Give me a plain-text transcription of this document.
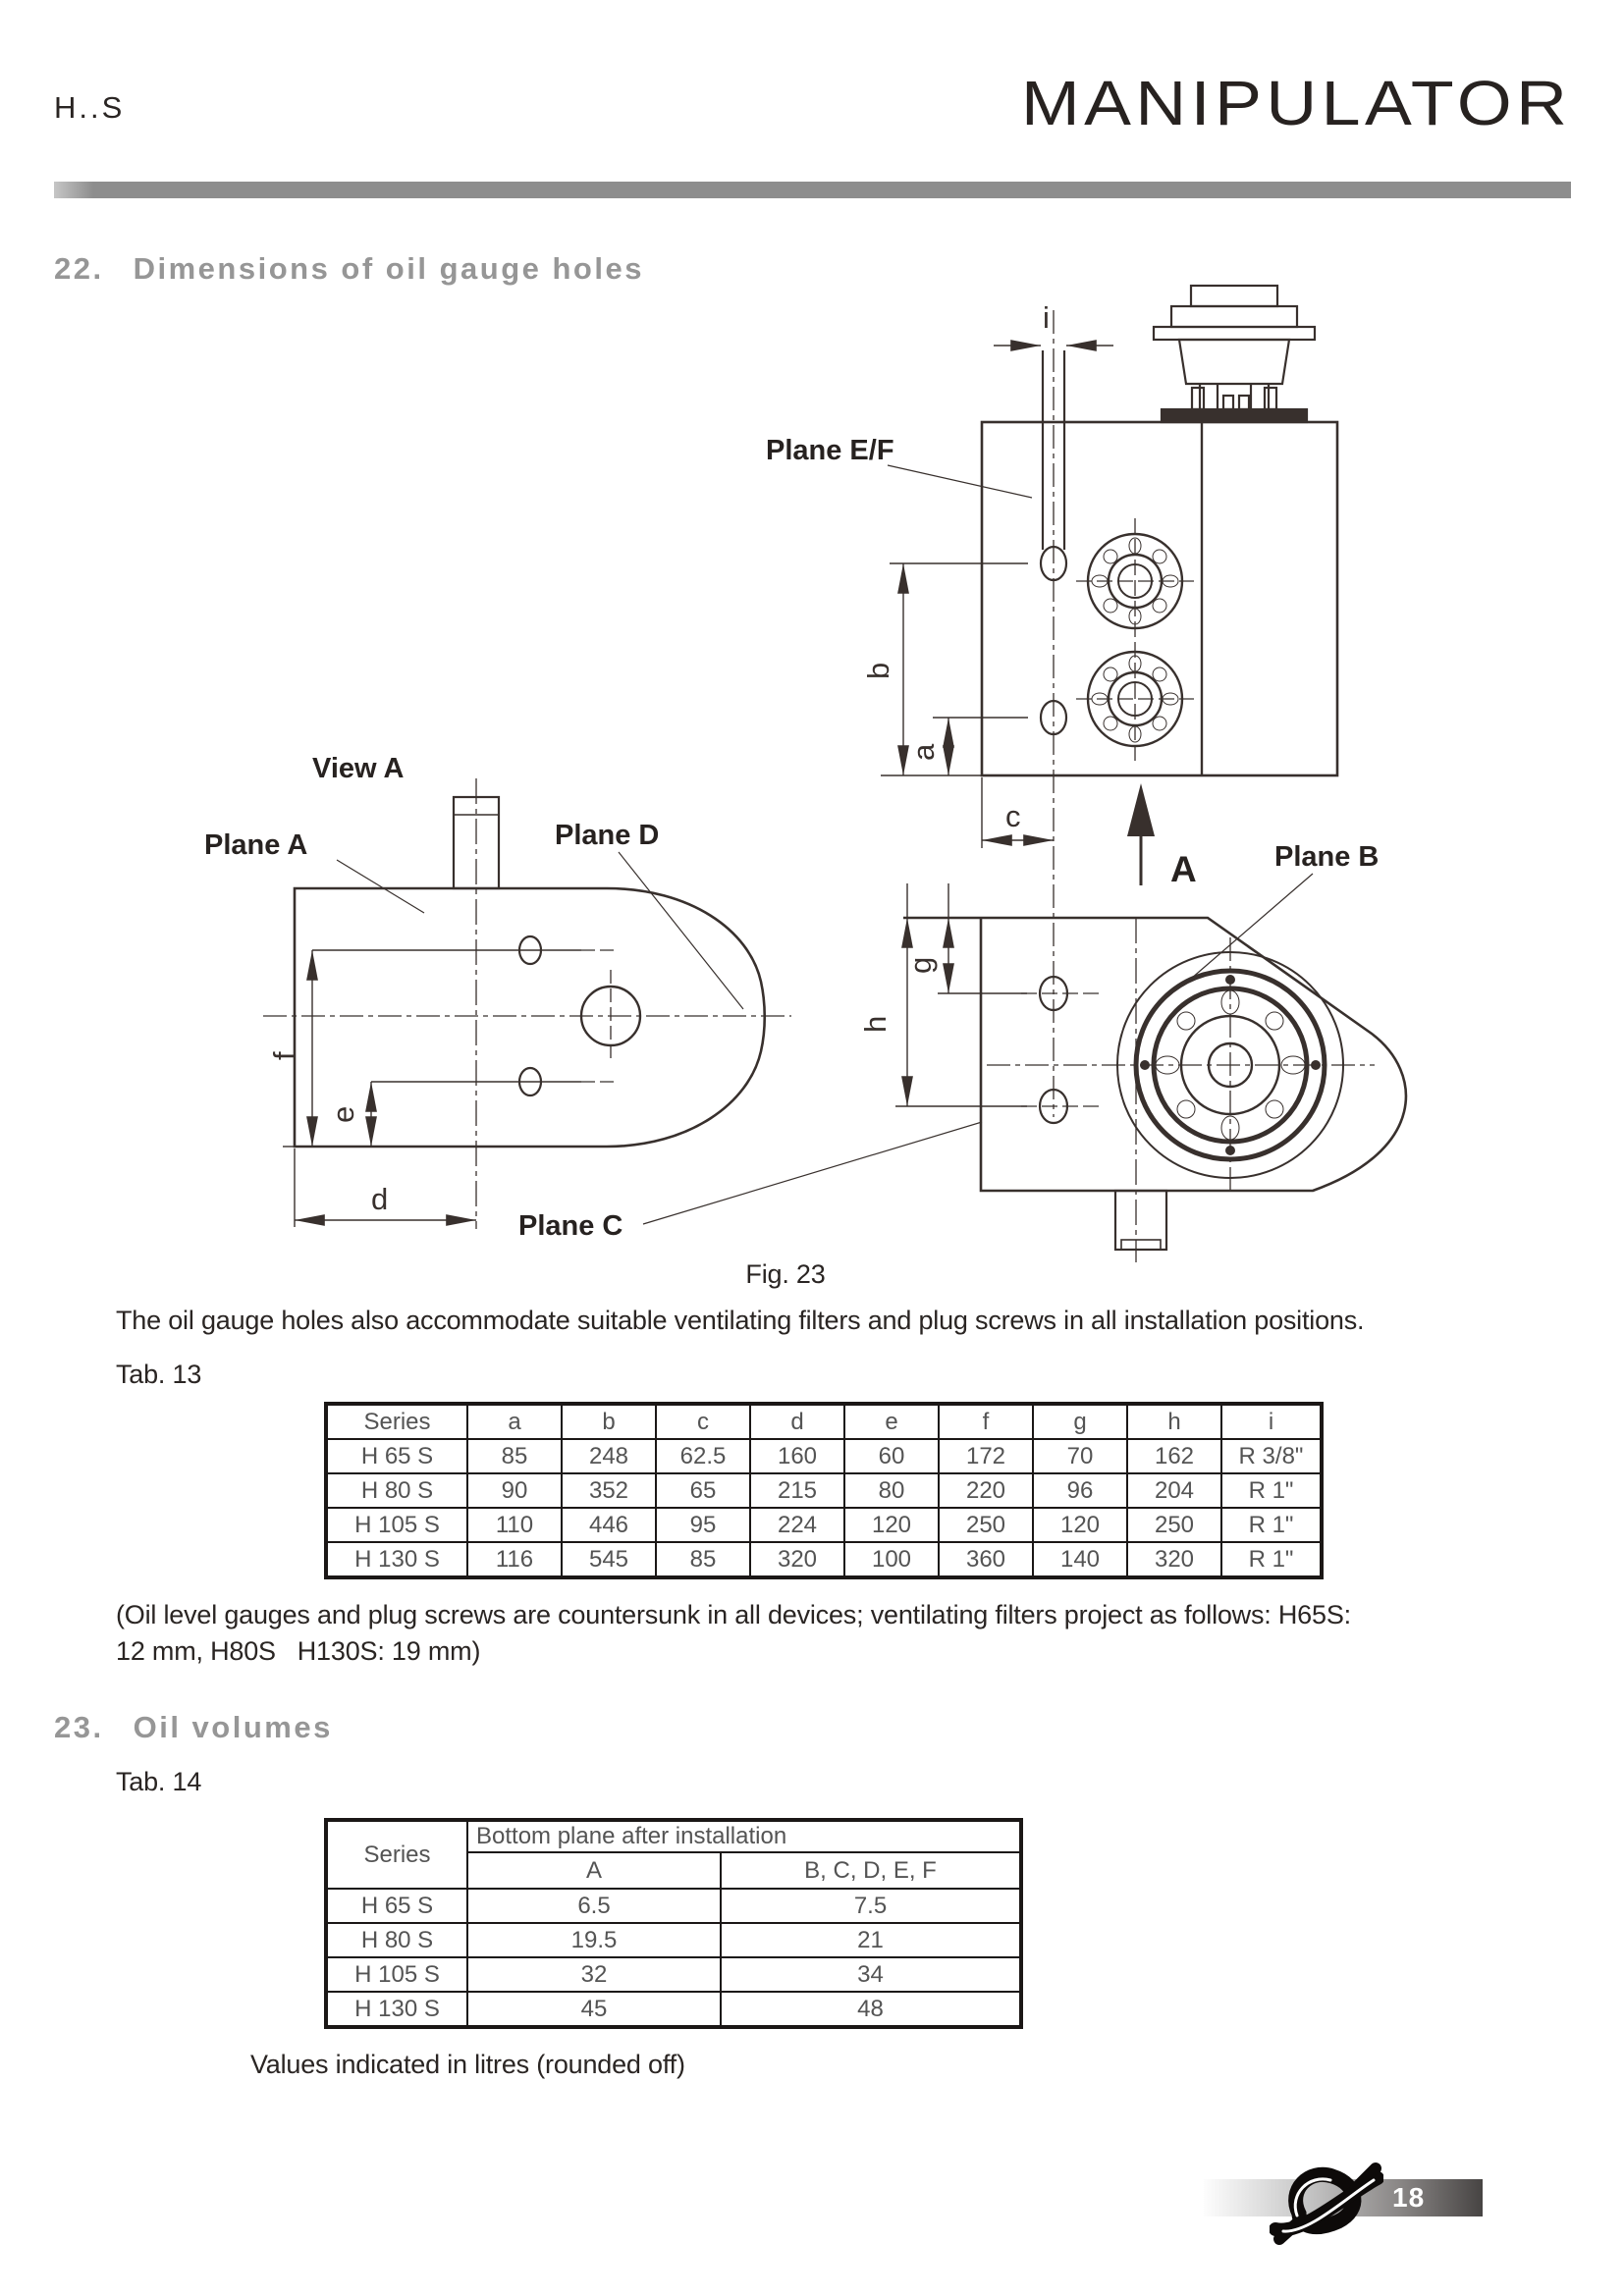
H..S	MANIPULATOR
22. Dimensions of oil gauge holes
Plane E/F
View A
Plane A	Plane D
Plane B
Plane C
A
i
b
a
c
g
h
f
e
d
Fig. 23
The oil gauge holes also accommodate suitable ventilating filters and plug screws in all installation positions.
Tab. 13
Series	a	b	c	d	e	f	g	h	i
H 65 S	85	248	62.5	160	60	172	70	162	R 3/8"
H 80 S	90	352	65	215	80	220	96	204	R 1"
H 105 S	110	446	95	224	120	250	120	250	R 1"
H 130 S	116	545	85	320	100	360	140	320	R 1"
(Oil level gauges and plug screws are countersunk in all devices; ventilating filters project as follows: H65S:
12 mm, H80S   H130S: 19 mm)
23. Oil volumes
Tab. 14
Series	Bottom plane after installation	
	A	B, C, D, E, F
H 65 S	6.5	7.5
H 80 S	19.5	21
H 105 S	32	34
H 130 S	45	48
Values indicated in litres (rounded off)
18
